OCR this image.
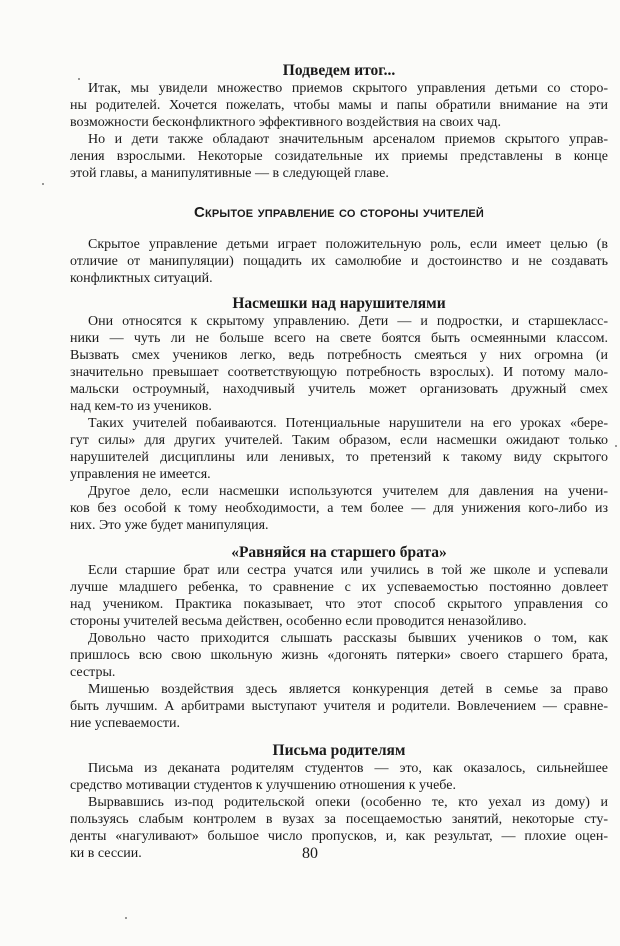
Подведем итог...
Итак, мы увидели множество приемов скрытого управления детьми со сторо-
ны родителей. Хочется пожелать, чтобы мамы и папы обратили внимание на эти
возможности бесконфликтного эффективного воздействия на своих чад.
Но и дети также обладают значительным арсеналом приемов скрытого управ-
ления взрослыми. Некоторые созидательные их приемы представлены в конце
этой главы, а манипулятивные — в следующей главе.
Скрытое управление со стороны учителей
Скрытое управление детьми играет положительную роль, если имеет целью (в
отличие от манипуляции) пощадить их самолюбие и достоинство и не создавать
конфликтных ситуаций.
Насмешки над нарушителями
Они относятся к скрытому управлению. Дети — и подростки, и старшекласс-
ники — чуть ли не больше всего на свете боятся быть осмеянными классом.
Вызвать смех учеников легко, ведь потребность смеяться у них огромна (и
значительно превышает соответствующую потребность взрослых). И потому мало-
мальски остроумный, находчивый учитель может организовать дружный смех
над кем-то из учеников.
Таких учителей побаиваются. Потенциальные нарушители на его уроках «бере-
гут силы» для других учителей. Таким образом, если насмешки ожидают только
нарушителей дисциплины или ленивых, то претензий к такому виду скрытого
управления не имеется.
Другое дело, если насмешки используются учителем для давления на учени-
ков без особой к тому необходимости, а тем более — для унижения кого-либо из
них. Это уже будет манипуляция.
«Равняйся на старшего брата»
Если старшие брат или сестра учатся или учились в той же школе и успевали
лучше младшего ребенка, то сравнение с их успеваемостью постоянно довлеет
над учеником. Практика показывает, что этот способ скрытого управления со
стороны учителей весьма действен, особенно если проводится неназойливо.
Довольно часто приходится слышать рассказы бывших учеников о том, как
пришлось всю свою школьную жизнь «догонять пятерки» своего старшего брата,
сестры.
Мишенью воздействия здесь является конкуренция детей в семье за право
быть лучшим. А арбитрами выступают учителя и родители. Вовлечением — сравне-
ние успеваемости.
Письма родителям
Письма из деканата родителям студентов — это, как оказалось, сильнейшее
средство мотивации студентов к улучшению отношения к учебе.
Вырвавшись из-под родительской опеки (особенно те, кто уехал из дому) и
пользуясь слабым контролем в вузах за посещаемостью занятий, некоторые сту-
денты «нагуливают» большое число пропусков, и, как результат, — плохие оцен-
ки в сессии.	80
